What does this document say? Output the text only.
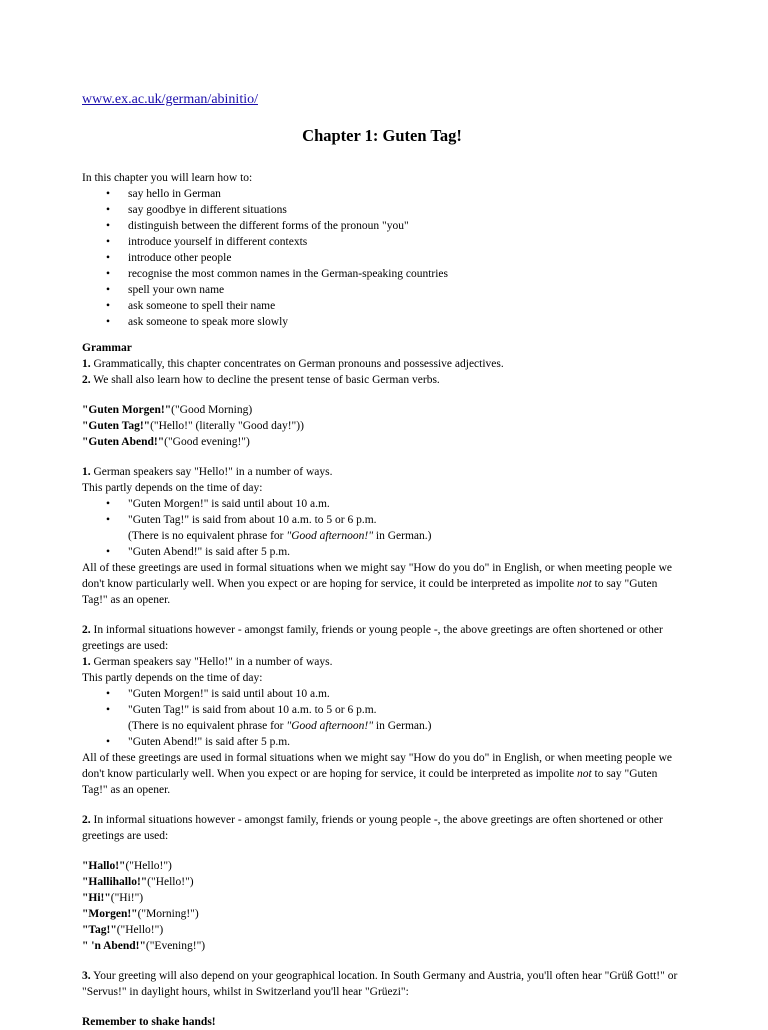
www.ex.ac.uk/german/abinitio/
Chapter 1: Guten Tag!

In this chapter you will learn how to:

• say hello in German
• say goodbye in different situations
• distinguish between the different forms of the pronoun "you"
• introduce yourself in different contexts
• introduce other people
• recognise the most common names in the German-speaking countries
• spell your own name
• ask someone to spell their name
• ask someone to speak more slowly

Grammar

1. Grammatically, this chapter concentrates on German pronouns and possessive adjectives.

2. We shall also learn how to decline the present tense of basic German verbs.

"Guten Morgen!"("Good Morning)

"Guten Tag!"("Hello!" (literally "Good day!"))

"Guten Abend!"("Good evening!")

1. German speakers say "Hello!" in a number of ways.

This partly depends on the time of day:

• "Guten Morgen!" is said until about 10 a.m.
• "Guten Tag!" is said from about 10 a.m. to 5 or 6 p.m.
(There is no equivalent phrase for "Good afternoon!" in German.)
• "Guten Abend!" is said after 5 p.m.

All of these greetings are used in formal situations when we might say "How do you do" in English, or when meeting people we don't know particularly well. When you expect or are hoping for service, it could be interpreted as impolite not to say "Guten Tag!" as an opener.

2. In informal situations however - amongst family, friends or young people -, the above greetings are often shortened or other greetings are used:

1. German speakers say "Hello!" in a number of ways.

This partly depends on the time of day:

• "Guten Morgen!" is said until about 10 a.m.
• "Guten Tag!" is said from about 10 a.m. to 5 or 6 p.m.
(There is no equivalent phrase for "Good afternoon!" in German.)
• "Guten Abend!" is said after 5 p.m.

All of these greetings are used in formal situations when we might say "How do you do" in English, or when meeting people we don't know particularly well. When you expect or are hoping for service, it could be interpreted as impolite not to say "Guten Tag!" as an opener.

2. In informal situations however - amongst family, friends or young people -, the above greetings are often shortened or other greetings are used:

"Hallo!"("Hello!")

"Hallihallo!"("Hello!")

"Hi!"("Hi!")

"Morgen!"("Morning!")

"Tag!"("Hello!")

" 'n Abend!"("Evening!")

3. Your greeting will also depend on your geographical location. In South Germany and Austria, you'll often hear "Grüß Gott!" or "Servus!" in daylight hours, whilst in Switzerland you'll hear "Grüezi":

Remember to shake hands!
